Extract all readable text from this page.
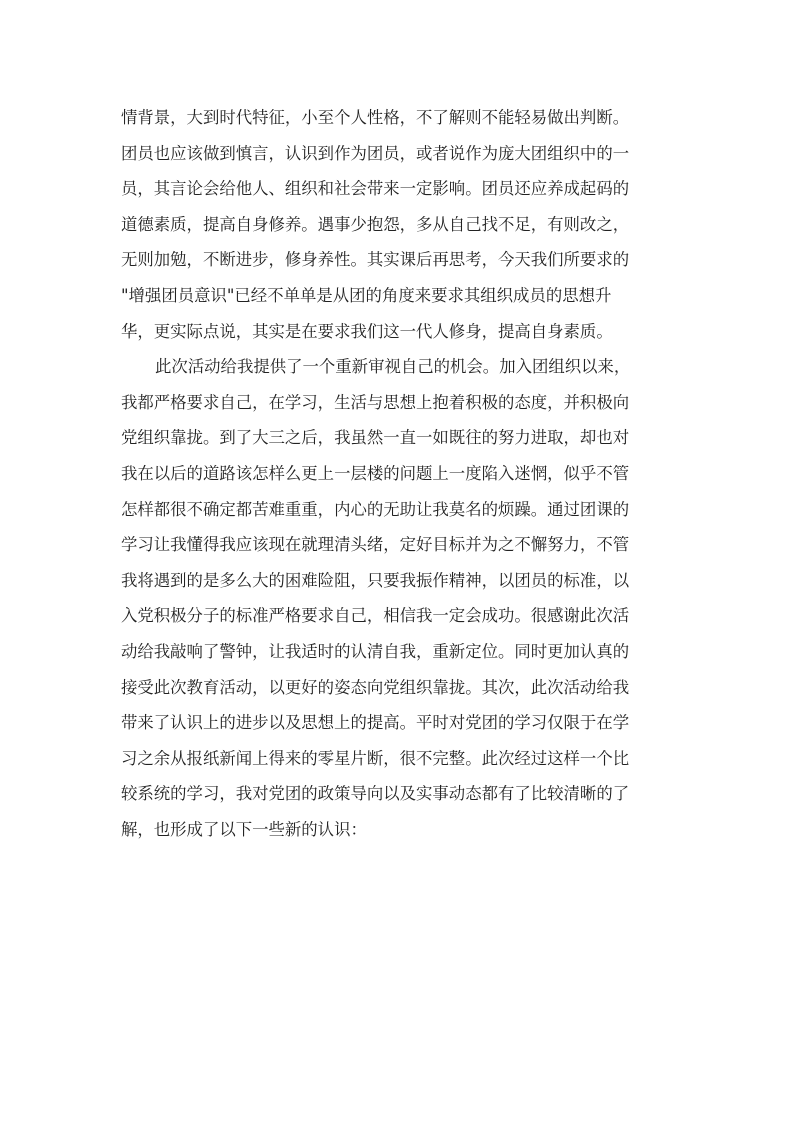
情背景，大到时代特征，小至个人性格，不了解则不能轻易做出判断。
团员也应该做到慎言，认识到作为团员，或者说作为庞大团组织中的一
员，其言论会给他人、组织和社会带来一定影响。团员还应养成起码的
道德素质，提高自身修养。遇事少抱怨，多从自己找不足，有则改之，
无则加勉，不断进步，修身养性。其实课后再思考，今天我们所要求的
"增强团员意识"已经不单单是从团的角度来要求其组织成员的思想升
华，更实际点说，其实是在要求我们这一代人修身，提高自身素质。
此次活动给我提供了一个重新审视自己的机会。加入团组织以来，
我都严格要求自己，在学习，生活与思想上抱着积极的态度，并积极向
党组织靠拢。到了大三之后，我虽然一直一如既往的努力进取，却也对
我在以后的道路该怎样么更上一层楼的问题上一度陷入迷惘，似乎不管
怎样都很不确定都苦难重重，内心的无助让我莫名的烦躁。通过团课的
学习让我懂得我应该现在就理清头绪，定好目标并为之不懈努力，不管
我将遇到的是多么大的困难险阻，只要我振作精神，以团员的标准，以
入党积极分子的标准严格要求自己，相信我一定会成功。很感谢此次活
动给我敲响了警钟，让我适时的认清自我，重新定位。同时更加认真的
接受此次教育活动，以更好的姿态向党组织靠拢。其次，此次活动给我
带来了认识上的进步以及思想上的提高。平时对党团的学习仅限于在学
习之余从报纸新闻上得来的零星片断，很不完整。此次经过这样一个比
较系统的学习，我对党团的政策导向以及实事动态都有了比较清晰的了
解，也形成了以下一些新的认识：
